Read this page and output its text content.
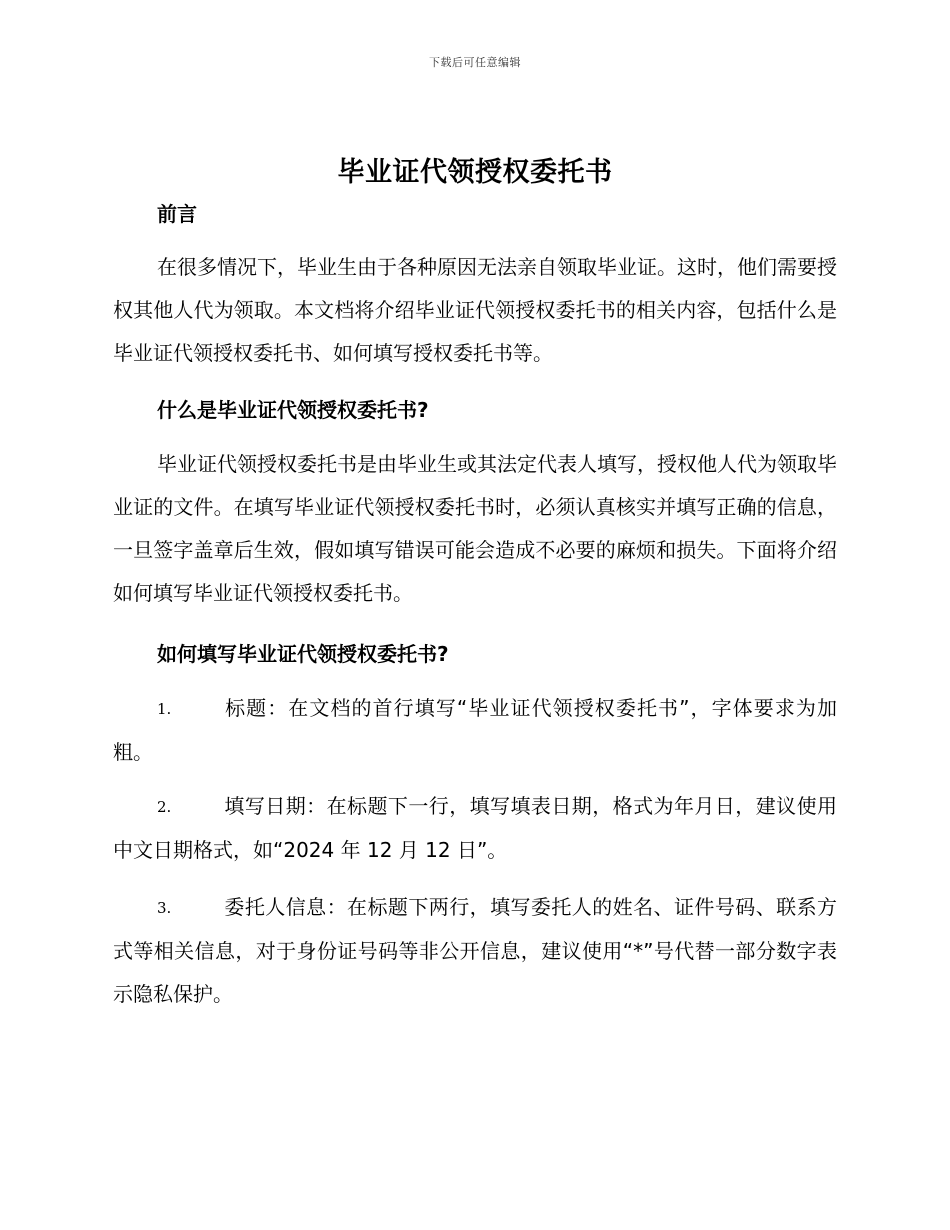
下载后可任意编辑
毕业证代领授权委托书
前言

在很多情况下，毕业生由于各种原因无法亲自领取毕业证。这时，他们需要授权其他人代为领取。本文档将介绍毕业证代领授权委托书的相关内容，包括什么是毕业证代领授权委托书、如何填写授权委托书等。

什么是毕业证代领授权委托书?

毕业证代领授权委托书是由毕业生或其法定代表人填写，授权他人代为领取毕业证的文件。在填写毕业证代领授权委托书时，必须认真核实并填写正确的信息，一旦签字盖章后生效，假如填写错误可能会造成不必要的麻烦和损失。下面将介绍如何填写毕业证代领授权委托书。

如何填写毕业证代领授权委托书?

1.	标题：在文档的首行填写“毕业证代领授权委托书”，字体要求为加粗。

2.	填写日期：在标题下一行，填写填表日期，格式为年月日，建议使用中文日期格式，如“2024 年 12 月 12 日”。

3.	委托人信息：在标题下两行，填写委托人的姓名、证件号码、联系方式等相关信息，对于身份证号码等非公开信息，建议使用“*”号代替一部分数字表示隐私保护。
